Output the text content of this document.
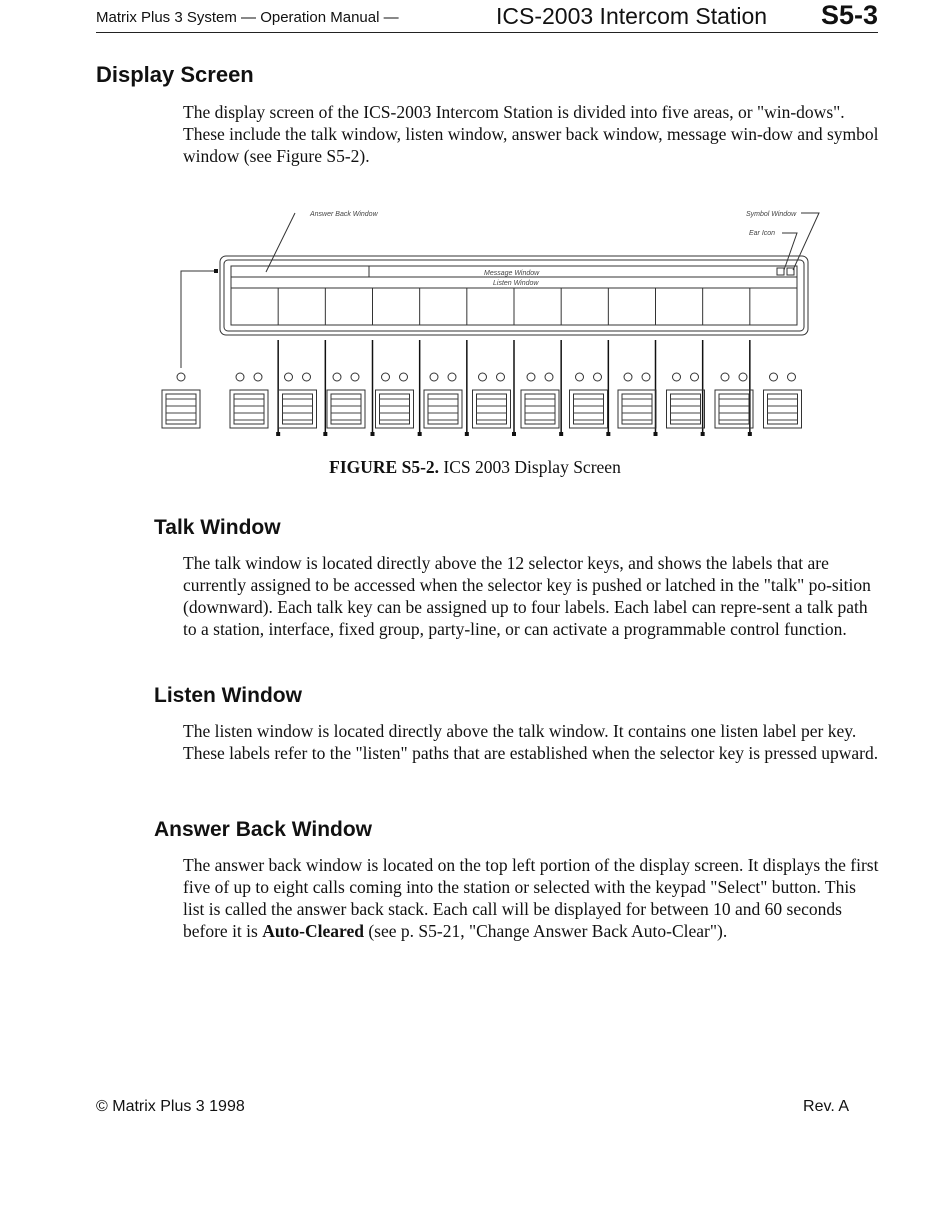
Matrix Plus 3 System — Operation Manual —	ICS-2003 Intercom Station S5-3
Display Screen

The display screen of the ICS-2003 Intercom Station is divided into five areas, or "win-dows". These include the talk window, listen window, answer back window, message win-dow and symbol window (see Figure S5-2).

Answer Back Window	Symbol Window
Ear Icon
Message Window
Listen Window
FIGURE S5-2. ICS 2003 Display Screen
Talk Window

The talk window is located directly above the 12 selector keys, and shows the labels that are currently assigned to be accessed when the selector key is pushed or latched in the "talk" po-sition (downward). Each talk key can be assigned up to four labels. Each label can repre-sent a talk path to a station, interface, fixed group, party-line, or can activate a programmable control function.

Listen Window

The listen window is located directly above the talk window. It contains one listen label per key. These labels refer to the "listen" paths that are established when the selector key is pressed upward.

Answer Back Window

The answer back window is located on the top left portion of the display screen. It displays the first five of up to eight calls coming into the station or selected with the keypad "Select" button. This list is called the answer back stack. Each call will be displayed for between 10 and 60 seconds before it is Auto-Cleared (see p. S5-21, "Change Answer Back Auto-Clear").

© Matrix Plus 3 1998	Rev. A
